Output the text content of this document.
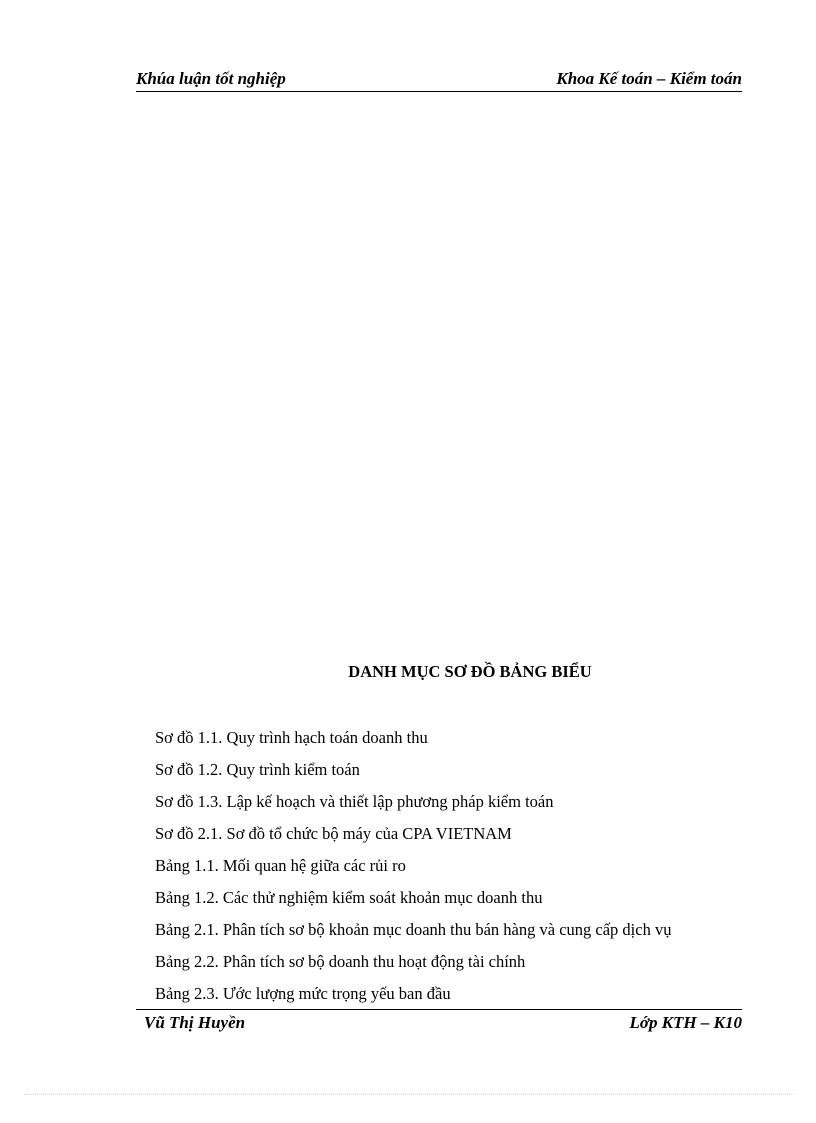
Khúa luận tốt nghiệp	Khoa Kế toán – Kiểm toán
DANH MỤC SƠ ĐỒ BẢNG BIỂU
Sơ đồ 1.1. Quy trình hạch toán doanh thu
Sơ đồ 1.2. Quy trình kiểm toán
Sơ đồ 1.3. Lập kế hoạch và thiết lập phương pháp kiểm toán
Sơ đồ 2.1. Sơ đồ tổ chức bộ máy của CPA VIETNAM
Bảng 1.1. Mối quan hệ giữa các rủi ro
Bảng 1.2. Các thử nghiệm kiểm soát khoản mục doanh thu
Bảng 2.1. Phân tích sơ bộ khoản mục doanh thu bán hàng và cung cấp dịch vụ
Bảng 2.2. Phân tích sơ bộ doanh thu hoạt động tài chính
Bảng 2.3. Ước lượng mức trọng yếu ban đầu
Vũ Thị Huyền	Lớp KTH – K10
